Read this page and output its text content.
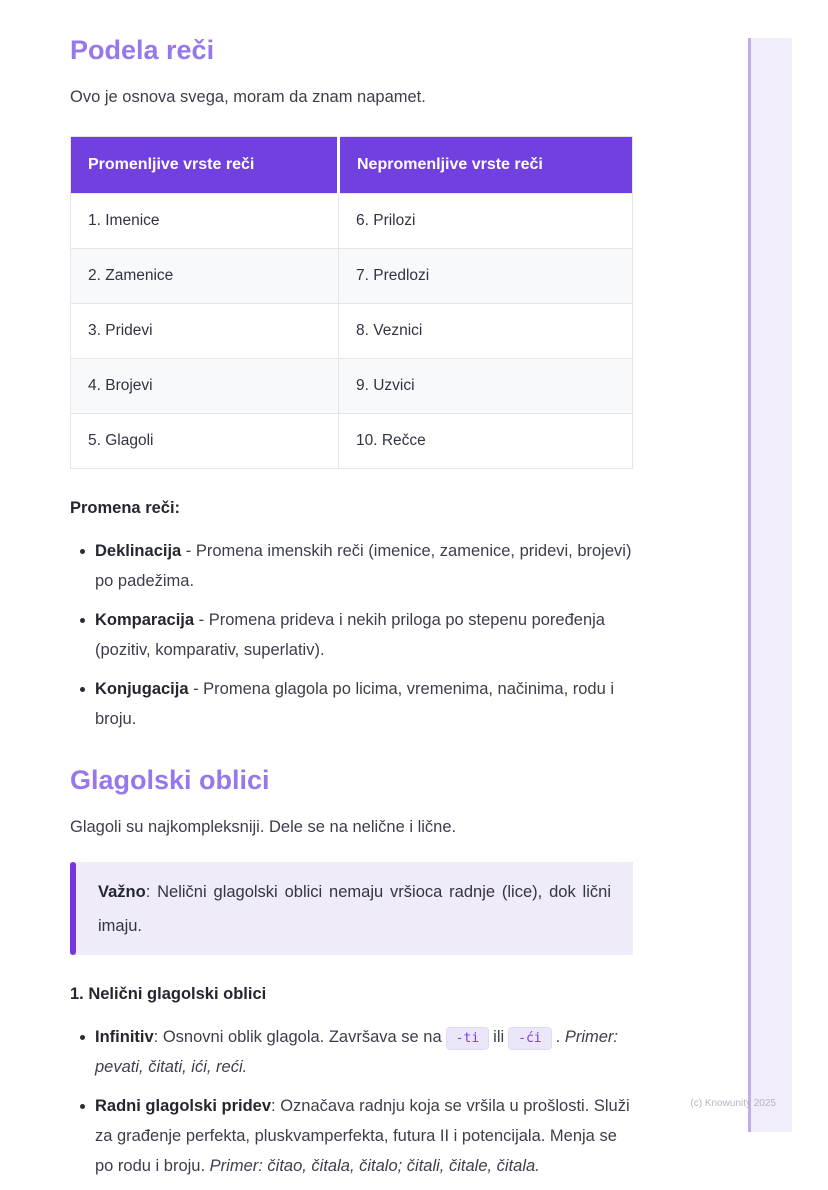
Podela reči

Ovo je osnova svega, moram da znam napamet.

Promenljive vrste reči	Nepromenljive vrste reči
1. Imenice	6. Prilozi
2. Zamenice	7. Predlozi
3. Pridevi	8. Veznici
4. Brojevi	9. Uzvici
5. Glagoli	10. Rečce
Promena reči:
Deklinacija - Promena imenskih reči (imenice, zamenice, pridevi, brojevi) po padežima.
Komparacija - Promena prideva i nekih priloga po stepenu poređenja (pozitiv, komparativ, superlativ).
Konjugacija - Promena glagola po licima, vremenima, načinima, rodu i broju.
Glagolski oblici

Glagoli su najkompleksniji. Dele se na nelične i lične.

Važno: Nelični glagolski oblici nemaju vršioca radnje (lice), dok lični imaju.

1. Nelični glagolski oblici
Infinitiv: Osnovni oblik glagola. Završava se na -ti ili -ći . Primer: pevati, čitati, ići, reći.
Radni glagolski pridev: Označava radnju koja se vršila u prošlosti. Služi za građenje perfekta, pluskvamperfekta, futura II i potencijala. Menja se po rodu i broju. Primer: čitao, čitala, čitalo; čitali, čitale, čitala.
(c) Knowunity 2025
